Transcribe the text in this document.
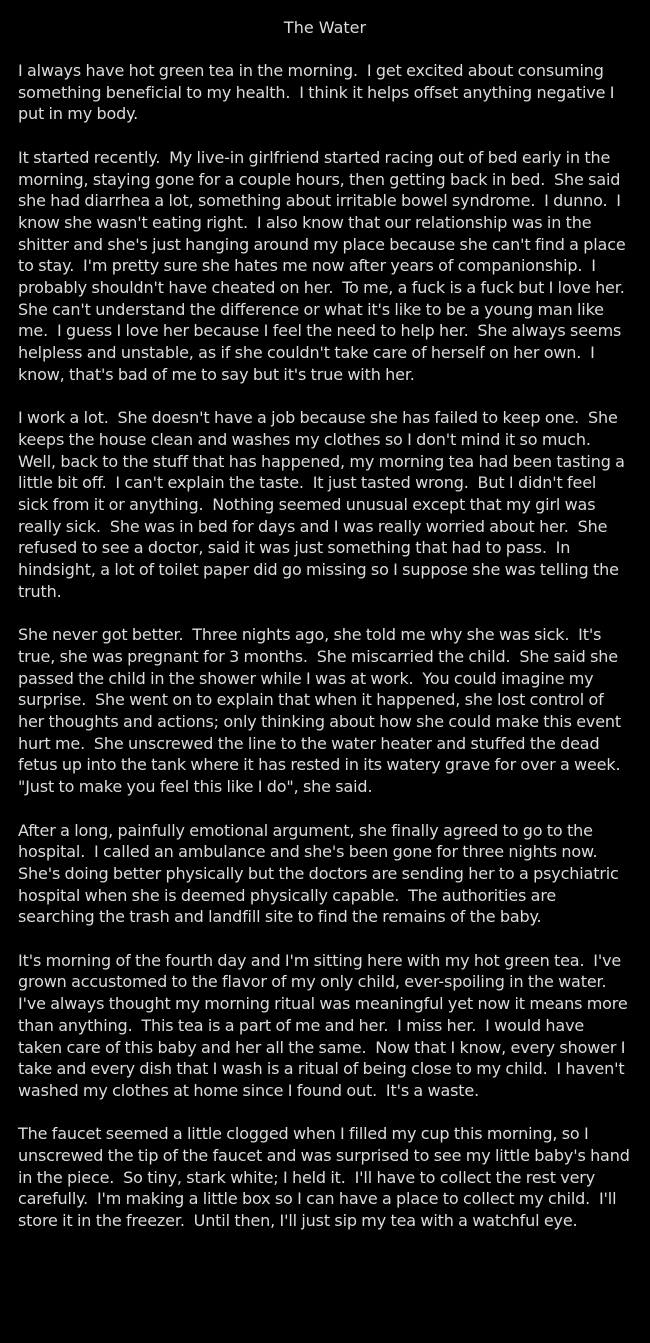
The Water

I always have hot green tea in the morning.  I get excited about consuming something beneficial to my health.  I think it helps offset anything negative I put in my body.

It started recently.  My live-in girlfriend started racing out of bed early in the morning, staying gone for a couple hours, then getting back in bed.  She said she had diarrhea a lot, something about irritable bowel syndrome.  I dunno.  I know she wasn't eating right.  I also know that our relationship was in the shitter and she's just hanging around my place because she can't find a place to stay.  I'm pretty sure she hates me now after years of companionship.  I probably shouldn't have cheated on her.  To me, a fuck is a fuck but I love her.  She can't understand the difference or what it's like to be a young man like me.  I guess I love her because I feel the need to help her.  She always seems helpless and unstable, as if she couldn't take care of herself on her own.  I know, that's bad of me to say but it's true with her.

I work a lot.  She doesn't have a job because she has failed to keep one.  She keeps the house clean and washes my clothes so I don't mind it so much.  Well, back to the stuff that has happened, my morning tea had been tasting a little bit off.  I can't explain the taste.  It just tasted wrong.  But I didn't feel sick from it or anything.  Nothing seemed unusual except that my girl was really sick.  She was in bed for days and I was really worried about her.  She refused to see a doctor, said it was just something that had to pass.  In hindsight, a lot of toilet paper did go missing so I suppose she was telling the truth.

She never got better.  Three nights ago, she told me why she was sick.  It's true, she was pregnant for 3 months.  She miscarried the child.  She said she passed the child in the shower while I was at work.  You could imagine my surprise.  She went on to explain that when it happened, she lost control of her thoughts and actions; only thinking about how she could make this event hurt me.  She unscrewed the line to the water heater and stuffed the dead fetus up into the tank where it has rested in its watery grave for over a week.  "Just to make you feel this like I do", she said.

After a long, painfully emotional argument, she finally agreed to go to the hospital.  I called an ambulance and she's been gone for three nights now.  She's doing better physically but the doctors are sending her to a psychiatric hospital when she is deemed physically capable.  The authorities are searching the trash and landfill site to find the remains of the baby.

It's morning of the fourth day and I'm sitting here with my hot green tea.  I've grown accustomed to the flavor of my only child, ever-spoiling in the water.  I've always thought my morning ritual was meaningful yet now it means more than anything.  This tea is a part of me and her.  I miss her.  I would have taken care of this baby and her all the same.  Now that I know, every shower I take and every dish that I wash is a ritual of being close to my child.  I haven't washed my clothes at home since I found out.  It's a waste.

The faucet seemed a little clogged when I filled my cup this morning, so I unscrewed the tip of the faucet and was surprised to see my little baby's hand in the piece.  So tiny, stark white; I held it.  I'll have to collect the rest very carefully.  I'm making a little box so I can have a place to collect my child.  I'll store it in the freezer.  Until then, I'll just sip my tea with a watchful eye.
